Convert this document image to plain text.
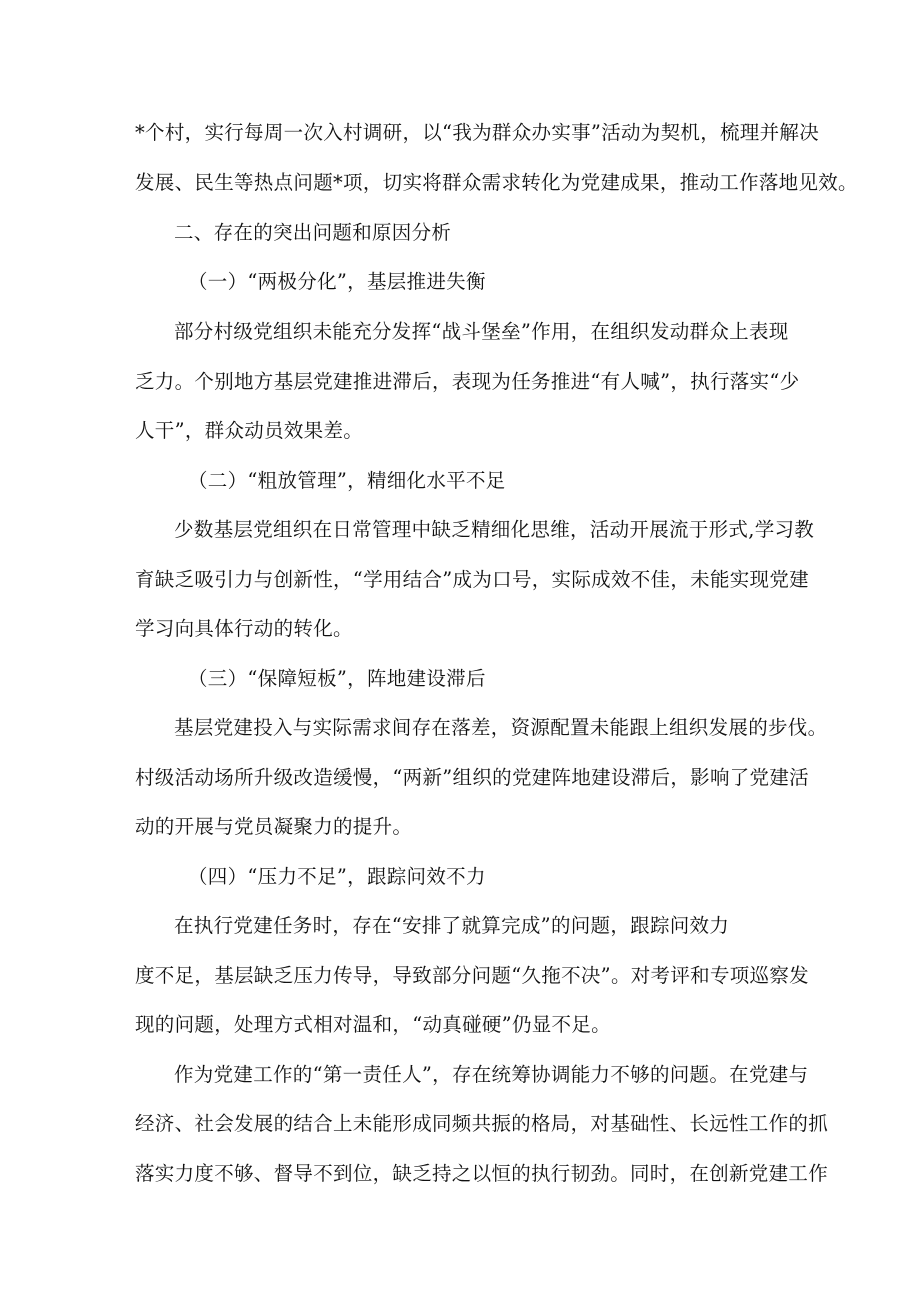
*个村，实行每周一次入村调研，以“我为群众办实事”活动为契机，梳理并解决
发展、民生等热点问题*项，切实将群众需求转化为党建成果，推动工作落地见效。
二、存在的突出问题和原因分析
（一）“两极分化”，基层推进失衡
部分村级党组织未能充分发挥“战斗堡垒”作用，在组织发动群众上表现
乏力。个别地方基层党建推进滞后，表现为任务推进“有人喊”，执行落实“少
人干”，群众动员效果差。
（二）“粗放管理”，精细化水平不足
少数基层党组织在日常管理中缺乏精细化思维，活动开展流于形式,学习教
育缺乏吸引力与创新性，“学用结合”成为口号，实际成效不佳，未能实现党建
学习向具体行动的转化。
（三）“保障短板”，阵地建设滞后
基层党建投入与实际需求间存在落差，资源配置未能跟上组织发展的步伐。
村级活动场所升级改造缓慢，“两新”组织的党建阵地建设滞后，影响了党建活
动的开展与党员凝聚力的提升。
（四）“压力不足”，跟踪问效不力
在执行党建任务时，存在“安排了就算完成”的问题，跟踪问效力
度不足，基层缺乏压力传导，导致部分问题“久拖不决”。对考评和专项巡察发
现的问题，处理方式相对温和，“动真碰硬”仍显不足。
作为党建工作的“第一责任人”，存在统筹协调能力不够的问题。在党建与
经济、社会发展的结合上未能形成同频共振的格局，对基础性、长远性工作的抓
落实力度不够、督导不到位，缺乏持之以恒的执行韧劲。同时，在创新党建工作
